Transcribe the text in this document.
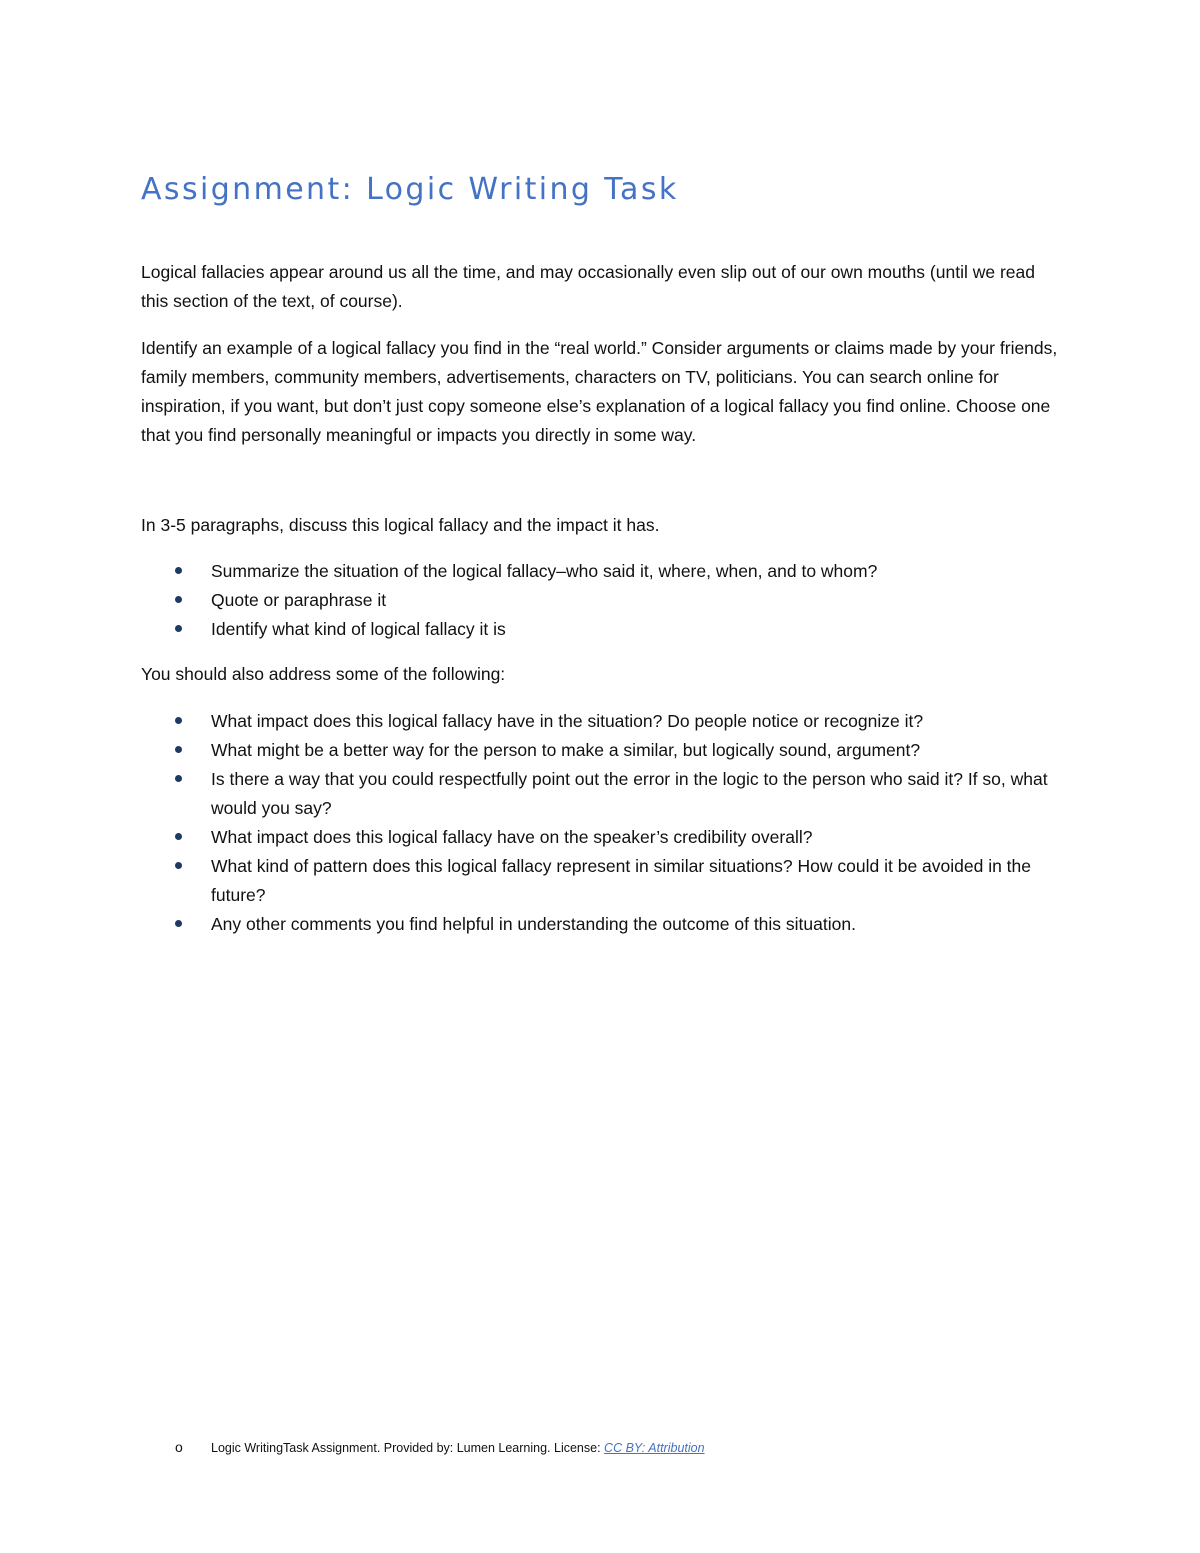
Assignment: Logic Writing Task

Logical fallacies appear around us all the time, and may occasionally even slip out of our own mouths (until we read this section of the text, of course).

Identify an example of a logical fallacy you find in the “real world.” Consider arguments or claims made by your friends, family members, community members, advertisements, characters on TV, politicians. You can search online for inspiration, if you want, but don’t just copy someone else’s explanation of a logical fallacy you find online. Choose one that you find personally meaningful or impacts you directly in some way.

In 3-5 paragraphs, discuss this logical fallacy and the impact it has.

Summarize the situation of the logical fallacy–who said it, where, when, and to whom?
Quote or paraphrase it
Identify what kind of logical fallacy it is

You should also address some of the following:

What impact does this logical fallacy have in the situation? Do people notice or recognize it?
What might be a better way for the person to make a similar, but logically sound, argument?
Is there a way that you could respectfully point out the error in the logic to the person who said it? If so, what would you say?
What impact does this logical fallacy have on the speaker’s credibility overall?
What kind of pattern does this logical fallacy represent in similar situations? How could it be avoided in the future?
Any other comments you find helpful in understanding the outcome of this situation.
o Logic WritingTask Assignment. Provided by: Lumen Learning. License: CC BY: Attribution
